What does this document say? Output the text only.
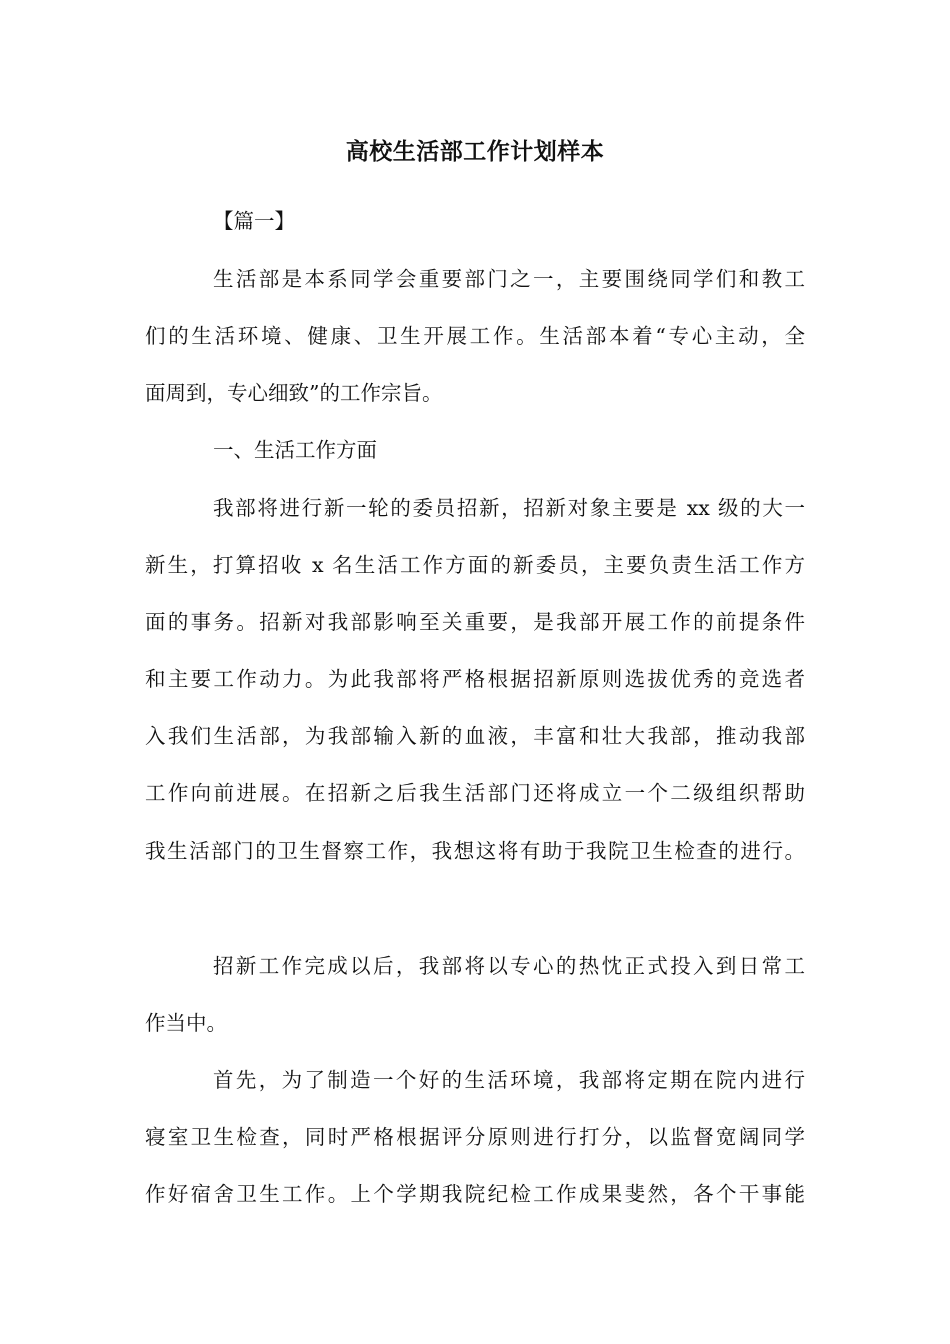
高校生活部工作计划样本
【篇一】
生活部是本系同学会重要部门之一，主要围绕同学们和教工
们的生活环境、健康、卫生开展工作。生活部本着“专心主动，全
面周到，专心细致”的工作宗旨。
一、生活工作方面
我部将进行新一轮的委员招新，招新对象主要是 xx 级的大一
新生，打算招收 x 名生活工作方面的新委员，主要负责生活工作方
面的事务。招新对我部影响至关重要，是我部开展工作的前提条件
和主要工作动力。为此我部将严格根据招新原则选拔优秀的竞选者
入我们生活部，为我部输入新的血液，丰富和壮大我部，推动我部
工作向前进展。在招新之后我生活部门还将成立一个二级组织帮助
我生活部门的卫生督察工作，我想这将有助于我院卫生检查的进行。
招新工作完成以后，我部将以专心的热忱正式投入到日常工
作当中。
首先，为了制造一个好的生活环境，我部将定期在院内进行
寝室卫生检查，同时严格根据评分原则进行打分，以监督宽阔同学
作好宿舍卫生工作。上个学期我院纪检工作成果斐然，各个干事能
